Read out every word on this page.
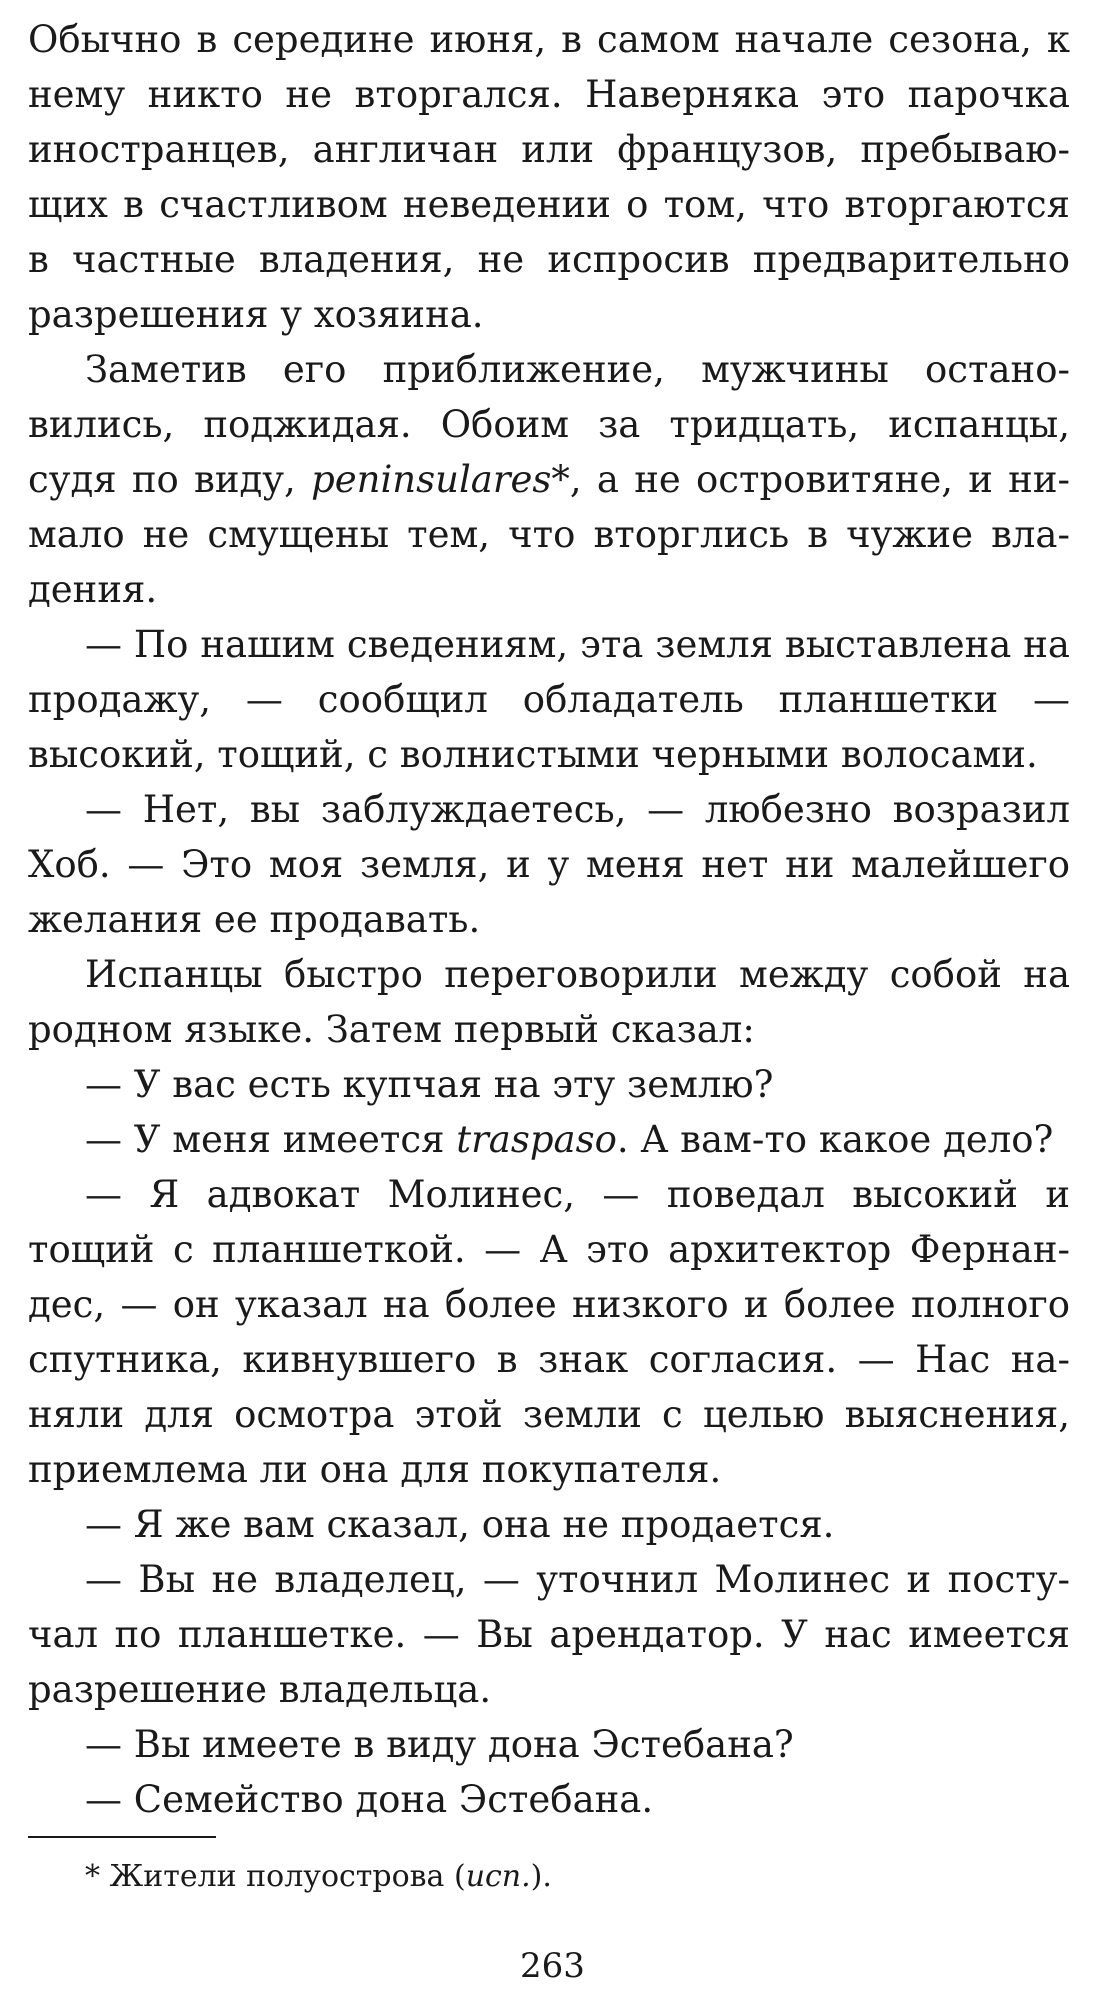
Обычно в середине июня, в самом начале сезона, к нему никто не вторгался. Наверняка это парочка иностранцев, англичан или французов, пребывающих в счастливом неведении о том, что вторгаются в частные владения, не испросив предварительно разрешения у хозяина.

Заметив его приближение, мужчины остановились, поджидая. Обоим за тридцать, испанцы, судя по виду, peninsulares*, а не островитяне, и нимало не смущены тем, что вторглись в чужие владения.

— По нашим сведениям, эта земля выставлена на продажу, — сообщил обладатель планшетки — высокий, тощий, с волнистыми черными волосами.

— Нет, вы заблуждаетесь, — любезно возразил Хоб. — Это моя земля, и у меня нет ни малейшего желания ее продавать.

Испанцы быстро переговорили между собой на родном языке. Затем первый сказал:

— У вас есть купчая на эту землю?

— У меня имеется traspaso. А вам-то какое дело?

— Я адвокат Молинес, — поведал высокий и тощий с планшеткой. — А это архитектор Фернандес, — он указал на более низкого и более полного спутника, кивнувшего в знак согласия. — Нас наняли для осмотра этой земли с целью выяснения, приемлема ли она для покупателя.

— Я же вам сказал, она не продается.

— Вы не владелец, — уточнил Молинес и постучал по планшетке. — Вы арендатор. У нас имеется разрешение владельца.

— Вы имеете в виду дона Эстебана?

— Семейство дона Эстебана.

* Жители полуострова (исп.).
263
